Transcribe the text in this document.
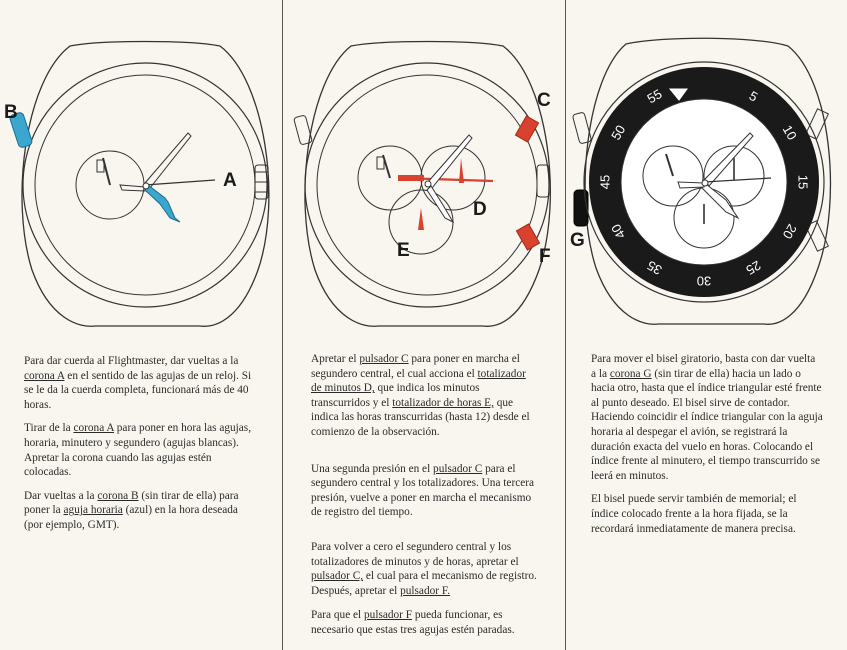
B
A

Para dar cuerda al Flightmaster, dar vueltas a la corona A en el sentido de las agujas de un reloj. Si se le da la cuerda completa, funcionará más de 40 horas.

Tirar de la corona A para poner en hora las agujas, horaria, minutero y segundero (agujas blancas). Apretar la corona cuando las agujas estén colocadas.

Dar vueltas a la corona B (sin tirar de ella) para poner la aguja horaria (azul) en la hora deseada (por ejemplo, GMT).

C
D
E	F

Apretar el pulsador C para poner en marcha el segundero central, el cual acciona el totalizador de minutos D, que indica los minutos transcurridos y el totalizador de horas E, que indica las horas transcurridas (hasta 12) desde el comienzo de la observación.

Una segunda presión en el pulsador C para el segundero central y los totalizadores. Una tercera presión, vuelve a poner en marcha el mecanismo de registro del tiempo.

Para volver a cero el segundero central y los totalizadores de minutos y de horas, apretar el pulsador C, el cual para el mecanismo de registro. Después, apretar el pulsador F.

Para que el pulsador F pueda funcionar, es necesario que estas tres agujas estén paradas.

5
10
15
20
25
30
35
40
45
50
55
G

Para mover el bisel giratorio, basta con dar vuelta a la corona G (sin tirar de ella) hacia un lado o hacia otro, hasta que el índice triangular esté frente al punto deseado. El bisel sirve de contador. Haciendo coincidir el índice triangular con la aguja horaria al despegar el avión, se registrará la duración exacta del vuelo en horas. Colocando el índice frente al minutero, el tiempo transcurrido se leerá en minutos.

El bisel puede servir también de memorial; el índice colocado frente a la hora fijada, se la recordará inmediatamente de manera precisa.
